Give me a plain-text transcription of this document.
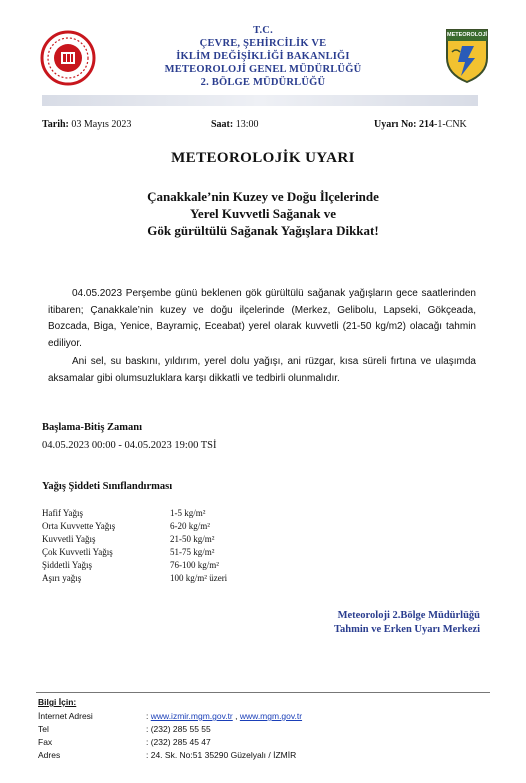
T.C.
ÇEVRE, ŞEHİRCİLİK VE
İKLİM DEĞİŞİKLİĞİ BAKANLIĞI
METEOROLOJİ GENEL MÜDÜRLÜĞÜ
2. BÖLGE MÜDÜRLÜĞÜ
METEOROLOJİ
Tarih: 03 Mayıs 2023	Saat: 13:00	Uyarı No: 214-1-CNK
METEOROLOJİK UYARI
Çanakkale’nin Kuzey ve Doğu İlçelerinde
Yerel Kuvvetli Sağanak ve
Gök gürültülü Sağanak Yağışlara Dikkat!

04.05.2023 Perşembe günü beklenen gök gürültülü sağanak yağışların gece saatlerinden itibaren; Çanakkale’nin kuzey ve doğu ilçelerinde (Merkez, Gelibolu, Lapseki, Gökçeada, Bozcada, Biga, Yenice, Bayramiç, Eceabat) yerel olarak kuvvetli (21-50 kg/m2) olacağı tahmin ediliyor.

Ani sel, su baskını, yıldırım, yerel dolu yağışı, ani rüzgar, kısa süreli fırtına ve ulaşımda aksamalar gibi olumsuzluklara karşı dikkatli ve tedbirli olunmalıdır.

Başlama-Bitiş Zamanı
04.05.2023 00:00 - 04.05.2023 19:00 TSİ
Yağış Şiddeti Sınıflandırması
Hafif Yağış	1-5 kg/m²
Orta Kuvvette Yağış	6-20 kg/m²
Kuvvetli Yağış	21-50 kg/m²
Çok Kuvvetli Yağış	51-75 kg/m²
Şiddetli Yağış	76-100 kg/m²
Aşırı yağış	100 kg/m² üzeri
Meteoroloji 2.Bölge Müdürlüğü
Tahmin ve Erken Uyarı Merkezi
Bilgi İçin:
İnternet Adresi	: www.izmir.mgm.gov.tr , www.mgm.gov.tr
Tel	: (232) 285 55 55
Fax	: (232) 285 45 47
Adres	: 24. Sk. No:51 35290 Güzelyalı / İZMİR
